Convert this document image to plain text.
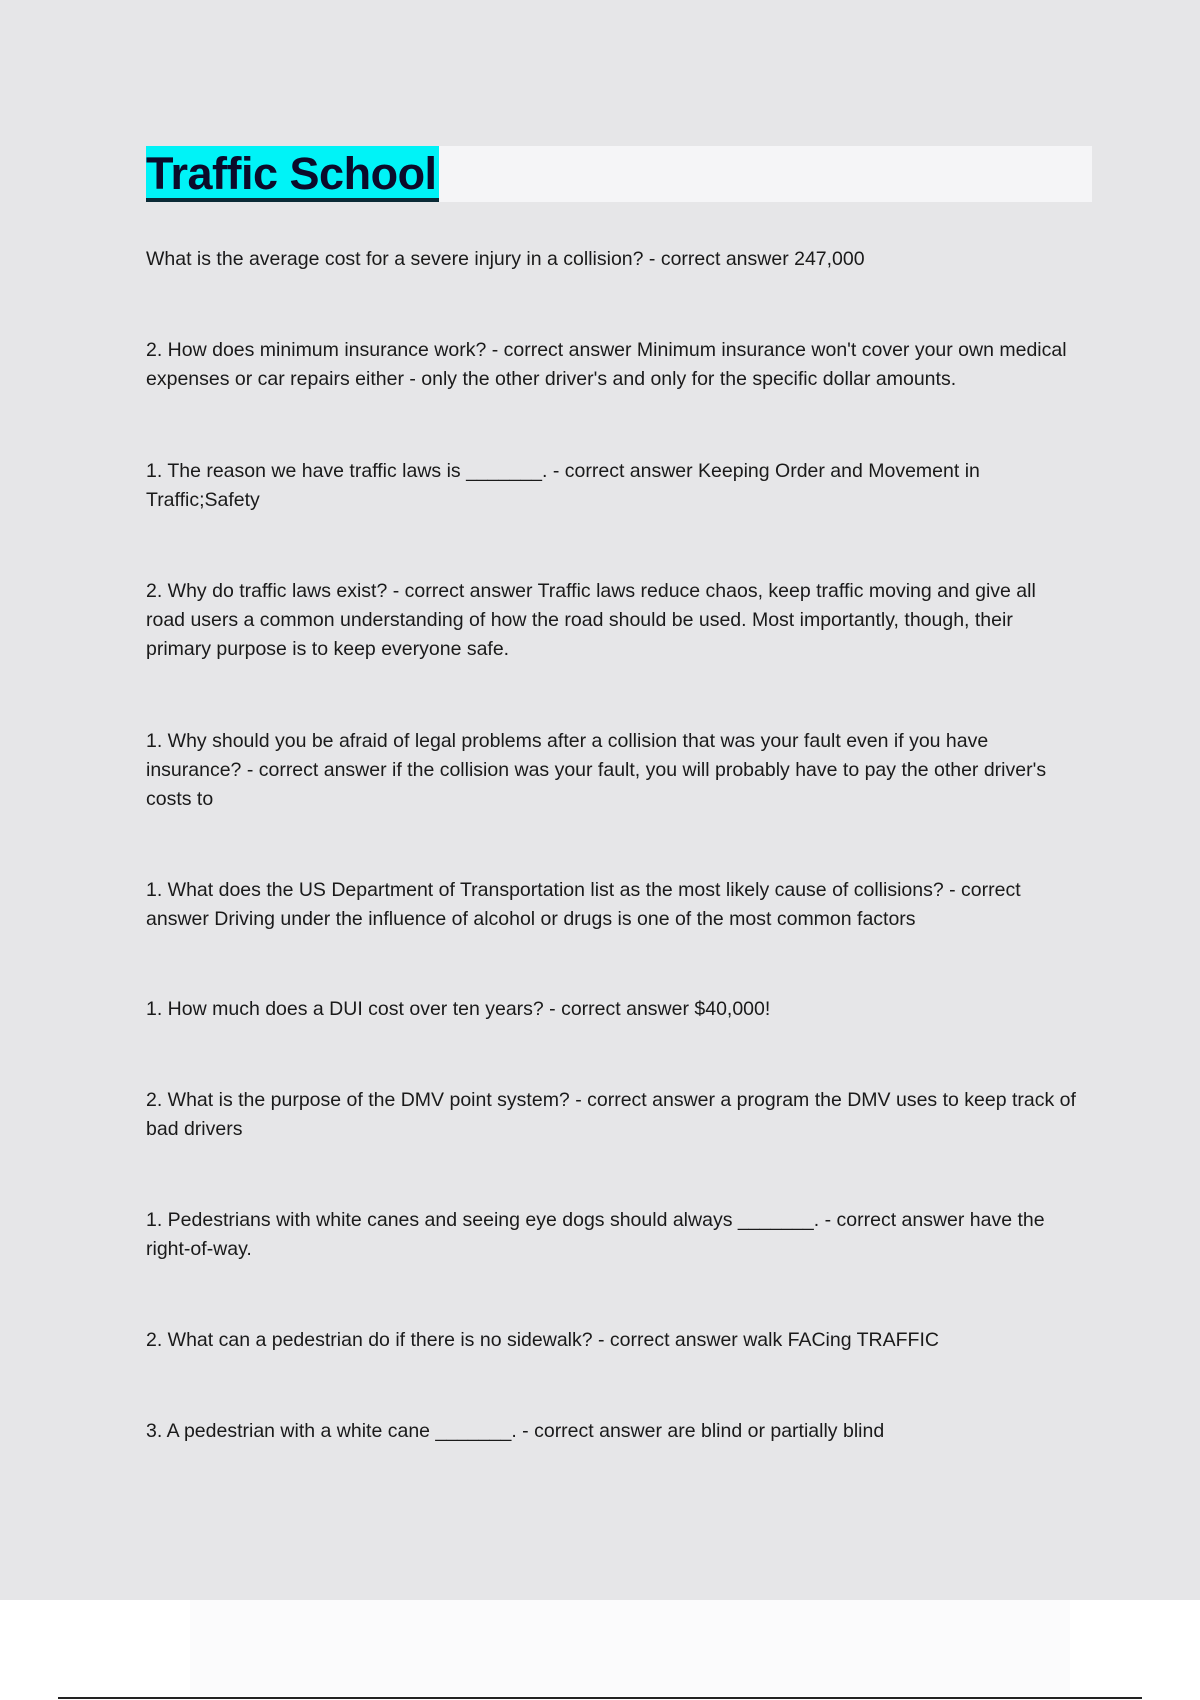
Traffic School

What is the average cost for a severe injury in a collision? - correct answer 247,000

2. How does minimum insurance work? - correct answer Minimum insurance won't cover your own medical expenses or car repairs either - only the other driver's and only for the specific dollar amounts.

1. The reason we have traffic laws is _______. - correct answer Keeping Order and Movement in Traffic;Safety

2. Why do traffic laws exist? - correct answer Traffic laws reduce chaos, keep traffic moving and give all road users a common understanding of how the road should be used. Most importantly, though, their primary purpose is to keep everyone safe.

1. Why should you be afraid of legal problems after a collision that was your fault even if you have insurance? - correct answer if the collision was your fault, you will probably have to pay the other driver's costs to

1. What does the US Department of Transportation list as the most likely cause of collisions? - correct answer Driving under the influence of alcohol or drugs is one of the most common factors

1. How much does a DUI cost over ten years? - correct answer $40,000!

2. What is the purpose of the DMV point system? - correct answer a program the DMV uses to keep track of bad drivers

1. Pedestrians with white canes and seeing eye dogs should always _______. - correct answer have the right-of-way.

2. What can a pedestrian do if there is no sidewalk? - correct answer walk FACing TRAFFIC

3. A pedestrian with a white cane _______. - correct answer are blind or partially blind
